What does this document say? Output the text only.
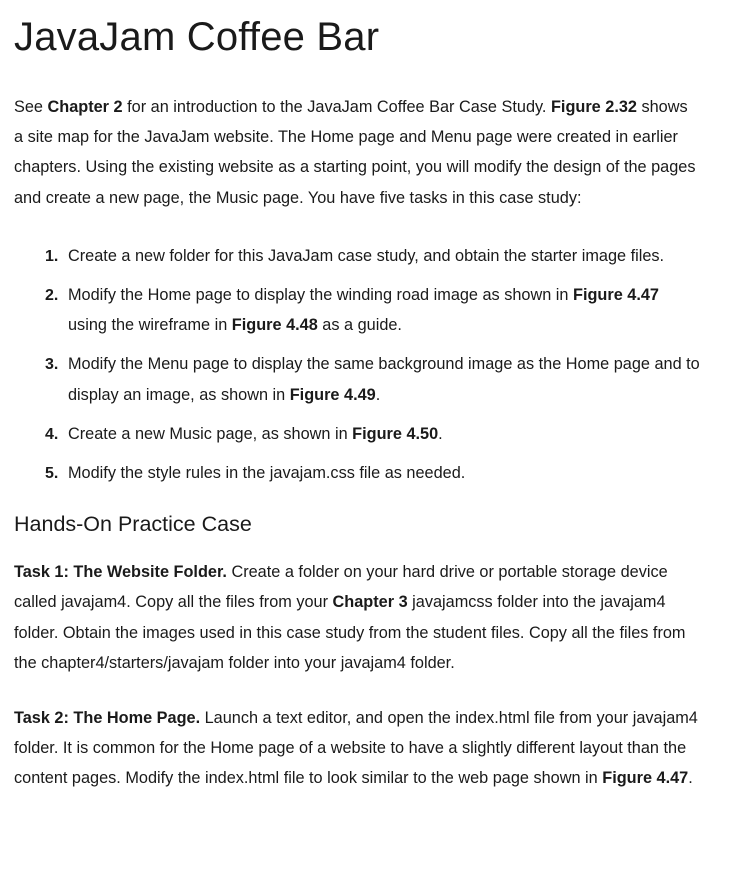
JavaJam Coffee Bar

See Chapter 2 for an introduction to the JavaJam Coffee Bar Case Study. Figure 2.32 shows a site map for the JavaJam website. The Home page and Menu page were created in earlier chapters. Using the existing website as a starting point, you will modify the design of the pages and create a new page, the Music page. You have five tasks in this case study:

Create a new folder for this JavaJam case study, and obtain the starter image files.
Modify the Home page to display the winding road image as shown in Figure 4.47 using the wireframe in Figure 4.48 as a guide.
Modify the Menu page to display the same background image as the Home page and to display an image, as shown in Figure 4.49.
Create a new Music page, as shown in Figure 4.50.
Modify the style rules in the javajam.css file as needed.
Hands-On Practice Case

Task 1: The Website Folder. Create a folder on your hard drive or portable storage device called javajam4. Copy all the files from your Chapter 3 javajamcss folder into the javajam4 folder. Obtain the images used in this case study from the student files. Copy all the files from the chapter4/starters/javajam folder into your javajam4 folder.

Task 2: The Home Page. Launch a text editor, and open the index.html file from your javajam4 folder. It is common for the Home page of a website to have a slightly different layout than the content pages. Modify the index.html file to look similar to the web page shown in Figure 4.47.
